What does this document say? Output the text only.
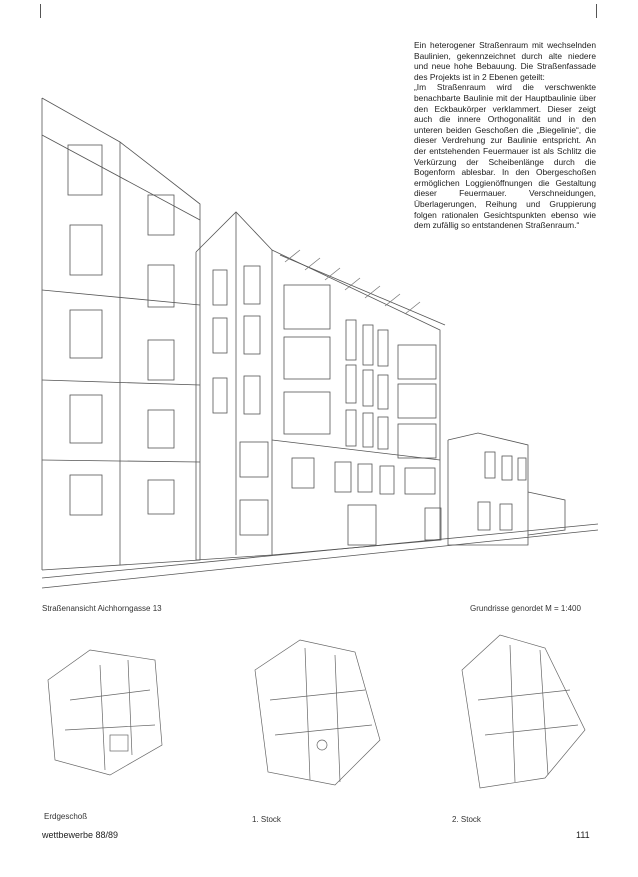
Ein heterogener Straßenraum mit wechselnden Baulinien, gekennzeichnet durch alte niedere und neue hohe Bebauung. Die Straßenfassade des Projekts ist in 2 Ebenen geteilt:

„Im Straßenraum wird die verschwenkte benachbarte Baulinie mit der Hauptbaulinie über den Eckbaukörper verklammert. Dieser zeigt auch die innere Orthogonalität und in den unteren beiden Geschoßen die „Biegelinie“, die dieser Verdrehung zur Baulinie entspricht. An der entstehenden Feuermauer ist als Schlitz die Verkürzung der Scheibenlänge durch die Bogenform ablesbar. In den Obergeschoßen ermöglichen Loggienöffnungen die Gestaltung dieser Feuermauer. Verschneidungen, Überlagerungen, Reihung und Gruppierung folgen rationalen Gesichtspunkten ebenso wie dem zufällig so entstandenen Straßenraum.“

Straßenansicht Aichhorngasse 13	Grundrisse genordet M = 1:400
Erdgeschoß	1. Stock	2. Stock
wettbewerbe 88/89	111
